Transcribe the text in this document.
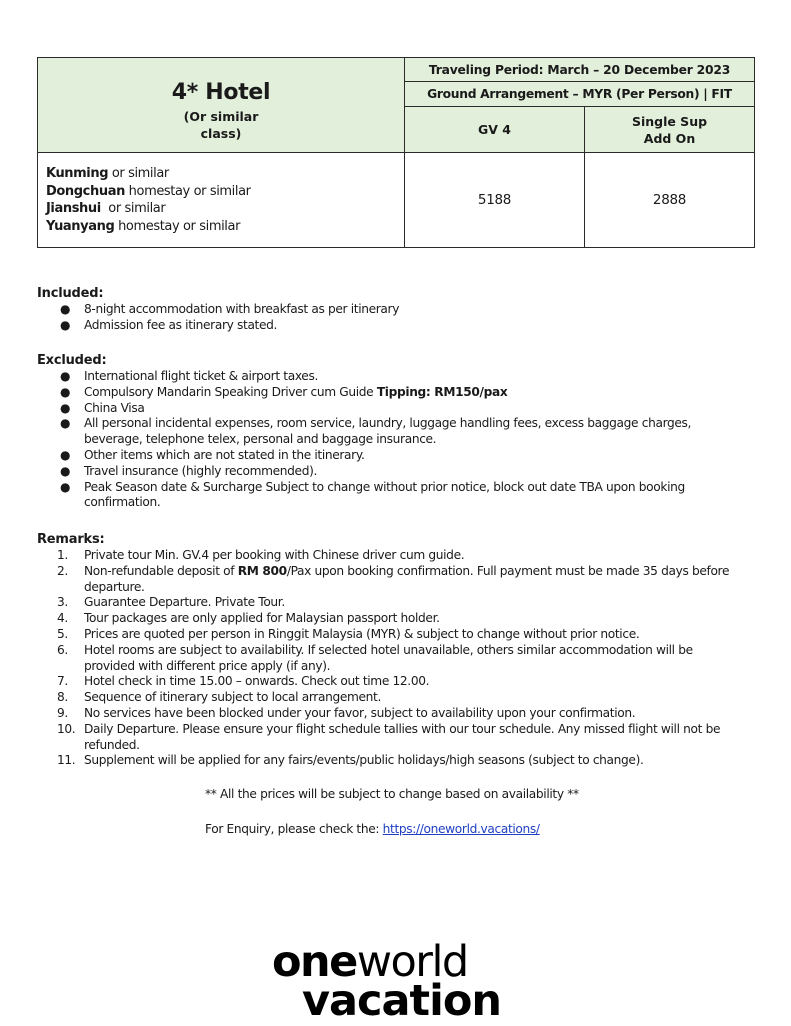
4* Hotel
(Or similar
class)	Traveling Period: March – 20 December 2023	
	Ground Arrangement – MYR (Per Person) | FIT	
	GV 4	Single Sup
Add On

Kunming or similar
Dongchuan homestay or similar
Jianshui  or similar
Yuanyang homestay or similar	5188	2888
Included:
● 8-night accommodation with breakfast as per itinerary
● Admission fee as itinerary stated.
Excluded:
● International flight ticket & airport taxes.
● Compulsory Mandarin Speaking Driver cum Guide Tipping: RM150/pax
● China Visa
● All personal incidental expenses, room service, laundry, luggage handling fees, excess baggage charges, beverage, telephone telex, personal and baggage insurance.
● Other items which are not stated in the itinerary.
● Travel insurance (highly recommended).
● Peak Season date & Surcharge Subject to change without prior notice, block out date TBA upon booking confirmation.
Remarks:
1.	Private tour Min. GV.4 per booking with Chinese driver cum guide.
2.	Non-refundable deposit of RM 800/Pax upon booking confirmation. Full payment must be made 35 days before departure.
3.	Guarantee Departure. Private Tour.
4.	Tour packages are only applied for Malaysian passport holder.
5.	Prices are quoted per person in Ringgit Malaysia (MYR) & subject to change without prior notice.
6.	Hotel rooms are subject to availability. If selected hotel unavailable, others similar accommodation will be provided with different price apply (if any).
7.	Hotel check in time 15.00 – onwards. Check out time 12.00.
8.	Sequence of itinerary subject to local arrangement.
9.	No services have been blocked under your favor, subject to availability upon your confirmation.
10. Daily Departure. Please ensure your flight schedule tallies with our tour schedule. Any missed flight will not be refunded.
11. Supplement will be applied for any fairs/events/public holidays/high seasons (subject to change).
** All the prices will be subject to change based on availability **
For Enquiry, please check the: https://oneworld.vacations/
oneworld
vacation
